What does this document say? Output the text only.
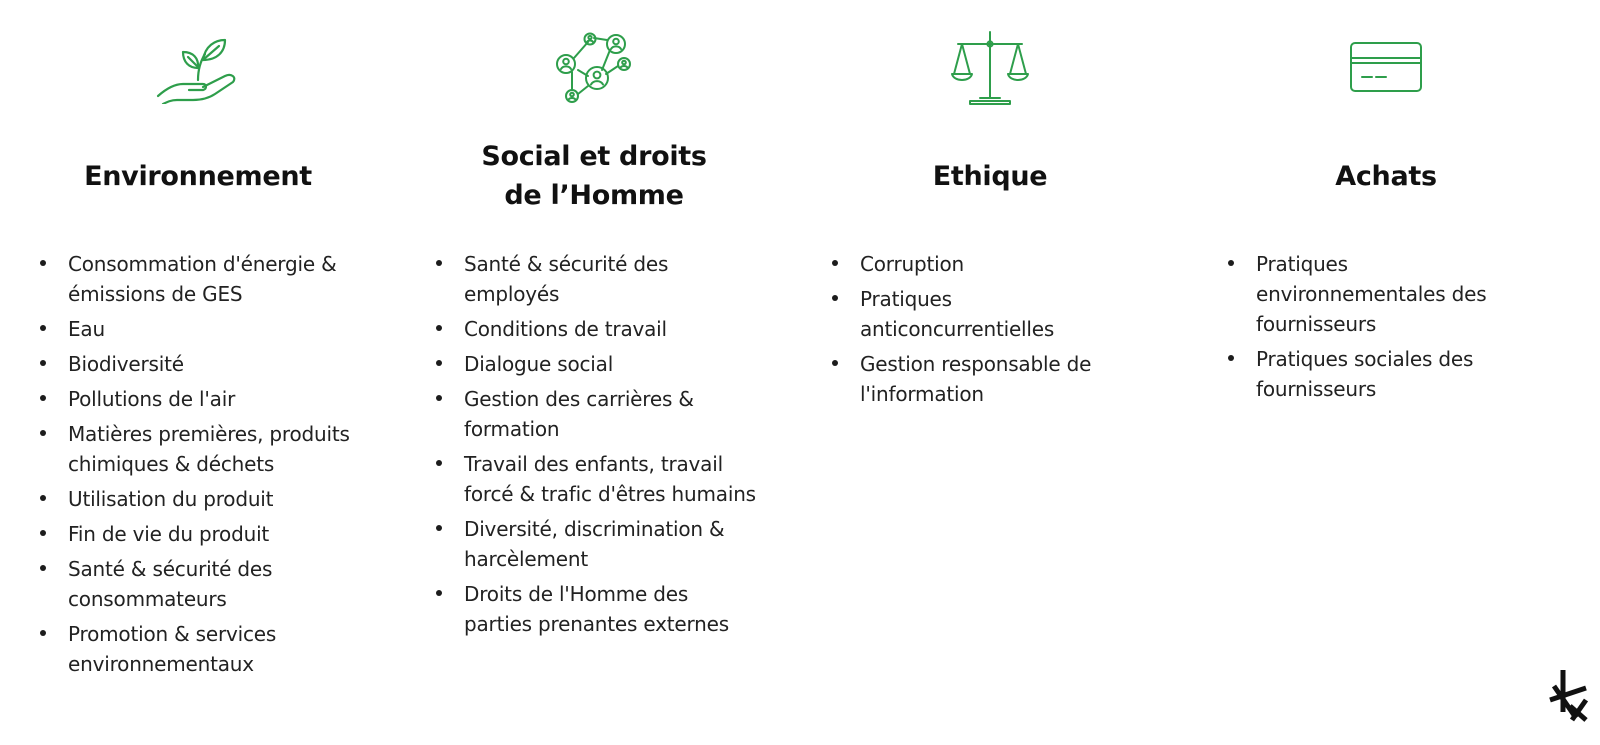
Environnement
Consommation d'énergie & émissions de GES
Eau
Biodiversité
Pollutions de l'air
Matières premières, produits chimiques & déchets
Utilisation du produit
Fin de vie du produit
Santé & sécurité des consommateurs
Promotion & services environnementaux
Social et droits de l’Homme
Santé & sécurité des employés
Conditions de travail
Dialogue social
Gestion des carrières & formation
Travail des enfants, travail forcé & trafic d'êtres humains
Diversité, discrimination & harcèlement
Droits de l'Homme des parties prenantes externes
Ethique
Corruption
Pratiques anticoncurrentielles
Gestion responsable de l'information
Achats
Pratiques environnementales des fournisseurs
Pratiques sociales des fournisseurs
